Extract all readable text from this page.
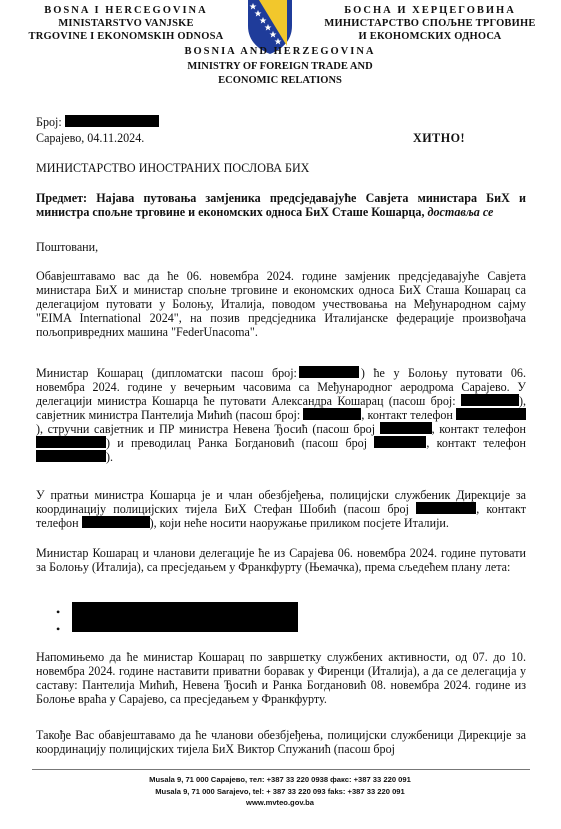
BOSNA I HERCEGOVINA
MINISTARSTVO VANJSKE
TRGOVINE I EKONOMSKIH ODNOSA
БОСНА И ХЕРЦЕГОВИНА
МИНИСТАРСТВО СПОЉНЕ ТРГОВИНЕ
И ЕКОНОМСКИХ ОДНОСА
BOSNIA AND HERZEGOVINA
MINISTRY OF FOREIGN TRADE AND
ECONOMIC RELATIONS
Број:
Сарајево, 04.11.2024.	ХИТНО!
МИНИСТАРСТВО ИНОСТРАНИХ ПОСЛОВА БИХ
Предмет: Најава путовања замјеника предсједавајуће Савјета министара БиХ и министра спољне трговине и економских односа БиХ Сташе Кошарца, доставља се
Поштовани,
Обавјештавамо вас да ће 06. новембра 2024. године замјеник предсједавајуће Савјета министара БиХ и министар спољне трговине и економских односа БиХ Сташа Кошарац са делегацијом путовати у Болоњу, Италија, поводом учествовања на Међународном сајму "EIMA International 2024", на позив предсједника Италијанске федерације произвођача пољопривредних машина "FederUnacoma".
Министар Кошарац (дипломатски пасош број:	) ће у Болоњу путовати 06. новембра 2024. године у вечерњим часовима са Међународног аеродрома Сарајево. У делегацији министра Кошарца ће путовати Александра Кошарац (пасош број:	), савјетник министра Пантелија Мићић (пасош број:	, контакт телефон ), стручни савјетник и ПР министра Невена Ђосић (пасош број	, контакт телефон ) и преводилац Ранка Богдановић (пасош број	, контакт телефон ).
У пратњи министра Кошарца је и члан обезбјеђења, полицијски службеник Дирекције за координацију полицијских тијела БиХ Стефан Шобић (пасош број	, контакт телефон	), који неће носити наоружање приликом посјете Италији.
Министар Кошарац и чланови делегације ће из Сарајева 06. новембра 2024. године путовати за Болоњу (Италија), са пресједањем у Франкфурту (Њемачка), према сљедећем плану лета:
•
•
Напомињемо да ће министар Кошарац по завршетку службених активности, од 07. до 10. новембра 2024. године наставити приватни боравак у Фиренци (Италија), а да се делегација у саставу: Пантелија Мићић, Невена Ђосић и Ранка Богдановић 08. новембра 2024. године из Болоње враћа у Сарајево, са пресједањем у Франкфурту.
Такође Вас обавјештавамо да ће чланови обезбјеђења, полицијски службеници Дирекције за координацију полицијских тијела БиХ Виктор Спужанић (пасош број
Musala 9, 71 000 Сарајево, тел: +387 33 220 0938 факс: +387 33 220 091
Musala 9, 71 000 Sarajevo, tel: + 387 33 220 093 faks: +387 33 220 091
www.mvteo.gov.ba
